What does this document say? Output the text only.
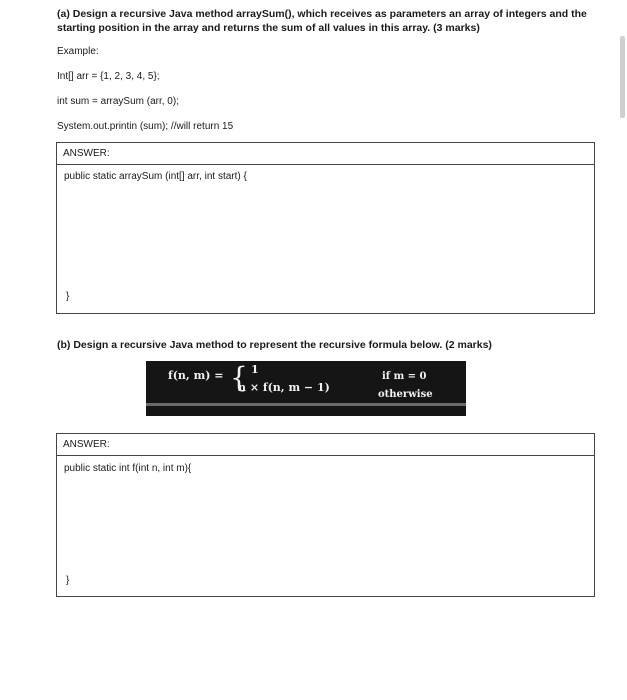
(a) Design a recursive Java method arraySum(), which receives as parameters an array of integers and the
starting position in the array and returns the sum of all values in this array. (3 marks)
Example:
Int[] arr = {1, 2, 3, 4, 5};
int sum = arraySum (arr, 0);
System.out.printin (sum); //will return 15
ANSWER:
public static arraySum (int[] arr, int start) {
}
(b) Design a recursive Java method to represent the recursive formula below. (2 marks)
f(n, m) = { 1
n × f(n, m − 1)
if m = 0
otherwise
ANSWER:
public static int f(int n, int m){
}
